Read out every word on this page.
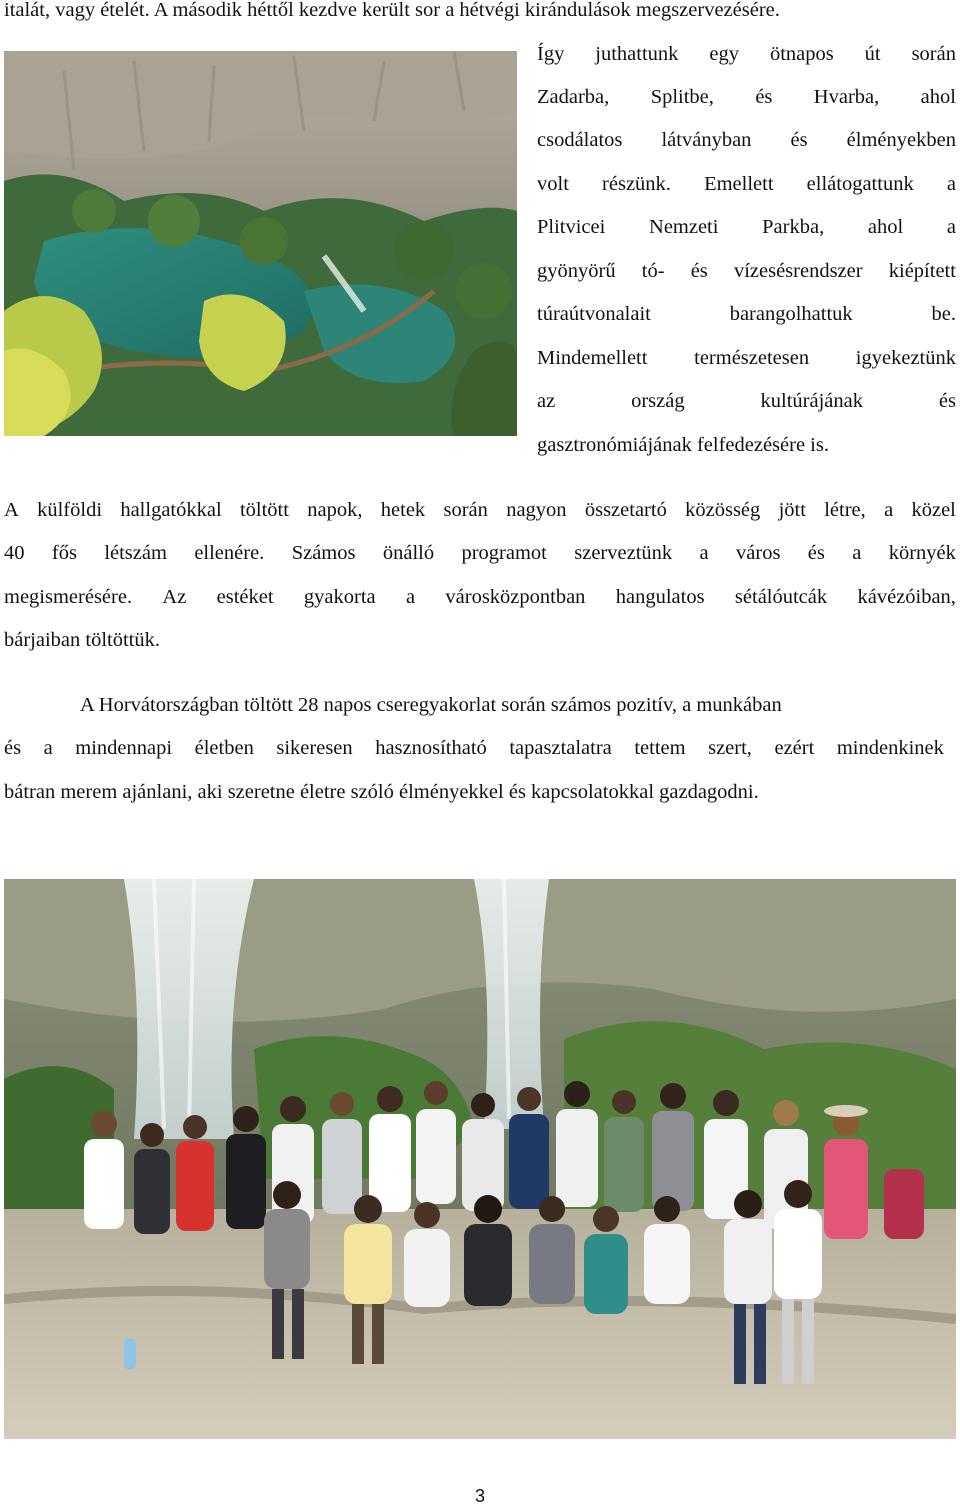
italát, vagy ételét. A második héttől kezdve került sor a hétvégi kirándulások megszervezésére.
Így juthattunk egy ötnapos út során
Zadarba, Splitbe, és Hvarba, ahol
csodálatos látványban és élményekben
volt részünk. Emellett ellátogattunk a
Plitvicei Nemzeti Parkba, ahol a
gyönyörű tó- és vízesésrendszer kiépített
túraútvonalait	barangolhattuk	be.
Mindemellett természetesen igyekeztünk
az	ország	kultúrájának	és
gasztronómiájának felfedezésére is.
A külföldi hallgatókkal töltött napok, hetek során nagyon összetartó közösség jött létre, a közel
40 fős létszám ellenére. Számos önálló programot szerveztünk a város és a környék
megismerésére. Az estéket gyakorta a városközpontban hangulatos sétálóutcák kávézóiban,
bárjaiban töltöttük.
A Horvátországban töltött 28 napos cseregyakorlat során számos pozitív, a munkában
és a mindennapi életben sikeresen hasznosítható tapasztalatra tettem szert, ezért mindenkinek
bátran merem ajánlani, aki szeretne életre szóló élményekkel és kapcsolatokkal gazdagodni.
3
